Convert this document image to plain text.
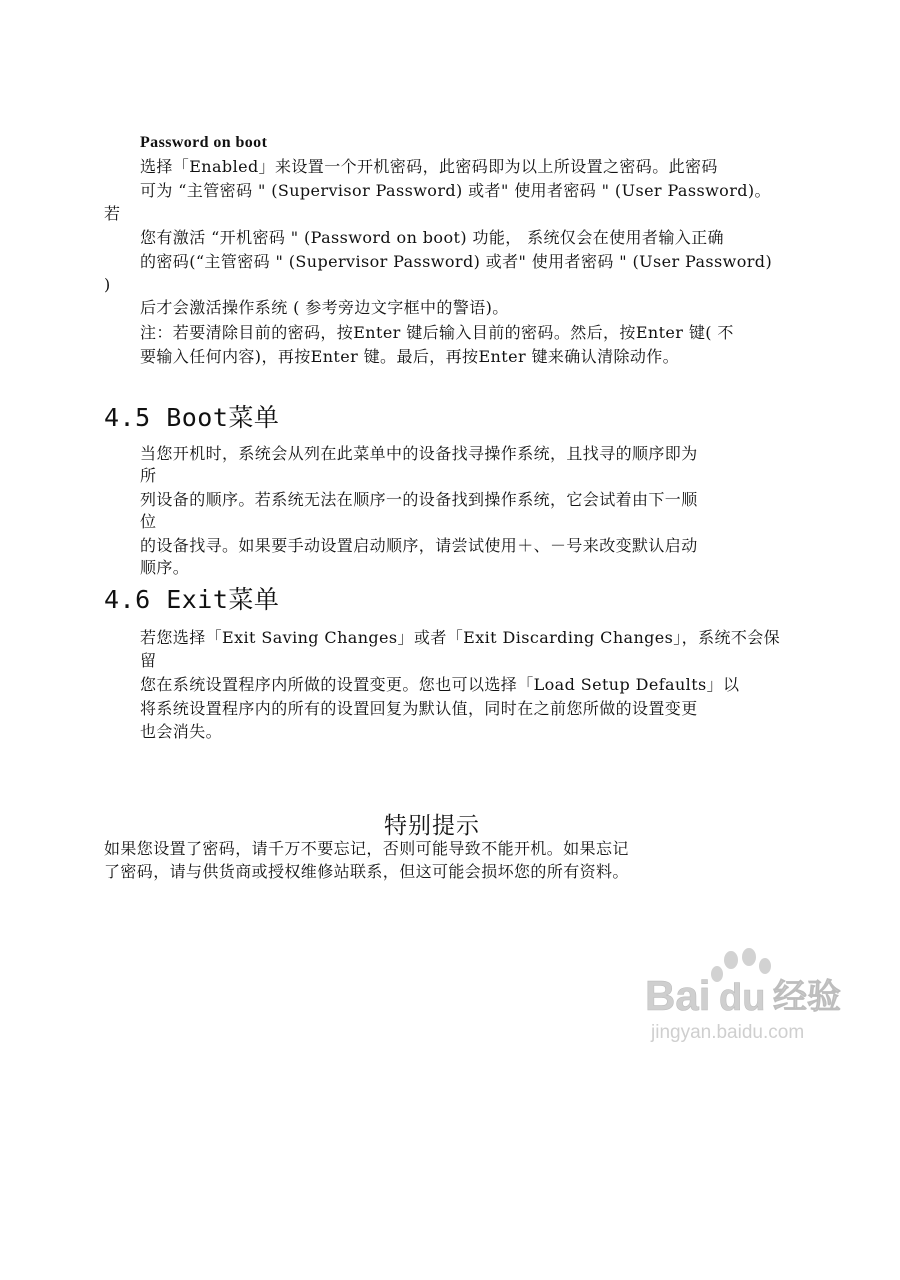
Password on boot
选择「Enabled」来设置一个开机密码，此密码即为以上所设置之密码。此密码
可为 “主管密码 " (Supervisor Password) 或者" 使用者密码 " (User Password)。
若
您有激活 “开机密码 " (Password on boot) 功能， 系统仅会在使用者输入正确
的密码(“主管密码 " (Supervisor Password) 或者" 使用者密码 " (User Password)
)
后才会激活操作系统 ( 参考旁边文字框中的警语)。
注：若要清除目前的密码，按Enter 键后输入目前的密码。然后，按Enter 键( 不
要输入任何内容)，再按Enter 键。最后，再按Enter 键来确认清除动作。
4.5 Boot菜单
当您开机时，系统会从列在此菜单中的设备找寻操作系统，且找寻的顺序即为
所
列设备的顺序。若系统无法在顺序一的设备找到操作系统，它会试着由下一顺
位
的设备找寻。如果要手动设置启动顺序，请尝试使用＋、－号来改变默认启动
顺序。
4.6 Exit菜单
若您选择「Exit Saving Changes」或者「Exit Discarding Changes」，系统不会保
留
您在系统设置程序内所做的设置变更。您也可以选择「Load Setup Defaults」以
将系统设置程序内的所有的设置回复为默认值，同时在之前您所做的设置变更
也会消失。
特别提示
如果您设置了密码，请千万不要忘记，否则可能导致不能开机。如果忘记
了密码，请与供货商或授权维修站联系，但这可能会损坏您的所有资料。
Bai du 经验
jingyan.baidu.com
